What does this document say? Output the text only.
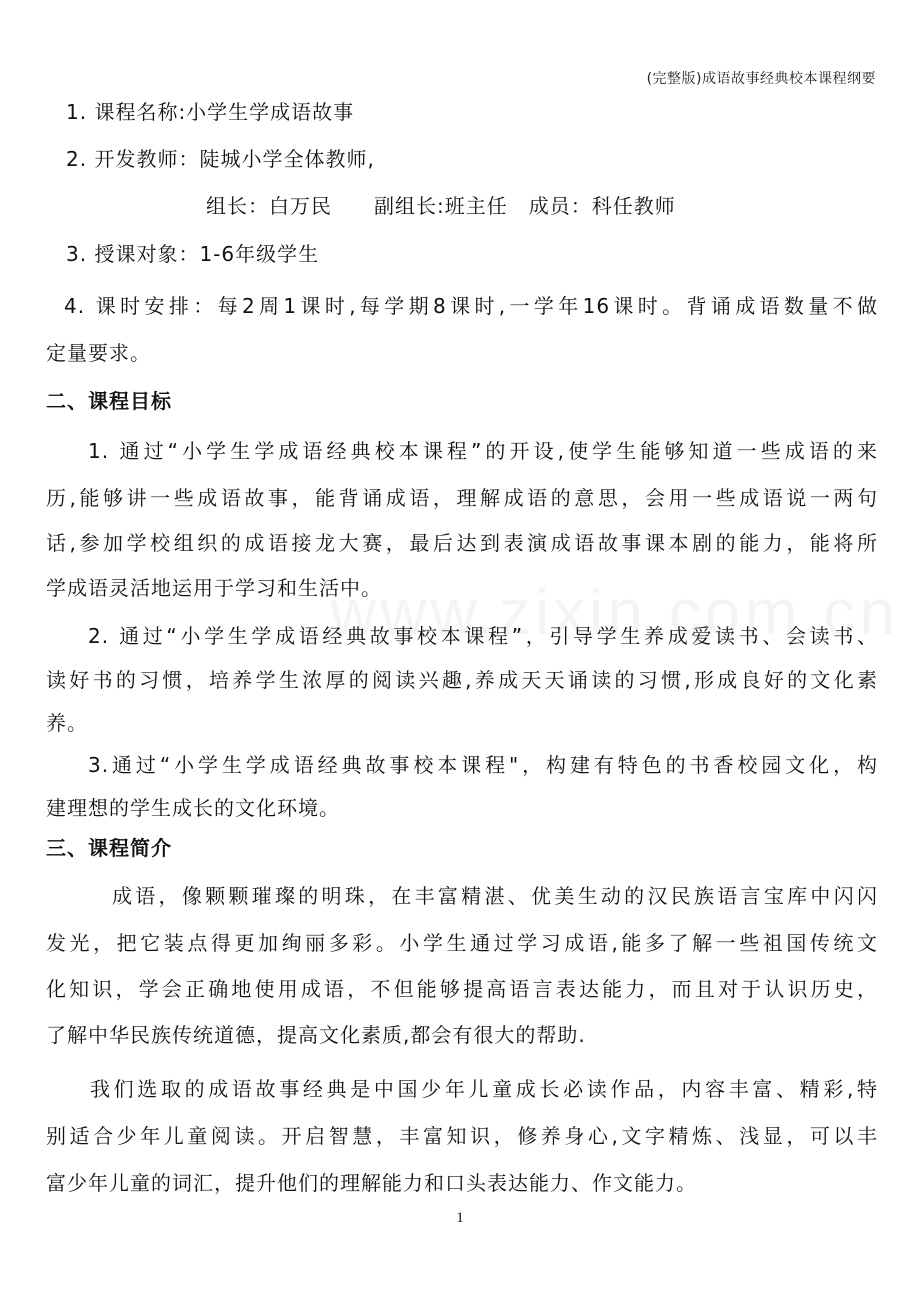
(完整版)成语故事经典校本课程纲要
1. 课程名称:小学生学成语故事
2. 开发教师：陡城小学全体教师,
组长：白万民　　副组长:班主任　成员：科任教师
3. 授课对象：1-6年级学生
4. 课时安排：每2周1课时,每学期8课时,一学年16课时。背诵成语数量不做
定量要求。
二、课程目标
1. 通过“小学生学成语经典校本课程”的开设,使学生能够知道一些成语的来
历,能够讲一些成语故事，能背诵成语，理解成语的意思，会用一些成语说一两句
话,参加学校组织的成语接龙大赛，最后达到表演成语故事课本剧的能力，能将所
学成语灵活地运用于学习和生活中。
2. 通过“小学生学成语经典故事校本课程”，引导学生养成爱读书、会读书、
读好书的习惯，培养学生浓厚的阅读兴趣,养成天天诵读的习惯,形成良好的文化素
养。
3.通过“小学生学成语经典故事校本课程"，构建有特色的书香校园文化，构
建理想的学生成长的文化环境。
三、课程简介
成语，像颗颗璀璨的明珠，在丰富精湛、优美生动的汉民族语言宝库中闪闪
发光，把它装点得更加绚丽多彩。小学生通过学习成语,能多了解一些祖国传统文
化知识，学会正确地使用成语，不但能够提高语言表达能力，而且对于认识历史，
了解中华民族传统道德，提高文化素质,都会有很大的帮助.
我们选取的成语故事经典是中国少年儿童成长必读作品，内容丰富、精彩,特
别适合少年儿童阅读。开启智慧，丰富知识，修养身心,文字精炼、浅显，可以丰
富少年儿童的词汇，提升他们的理解能力和口头表达能力、作文能力。
1
